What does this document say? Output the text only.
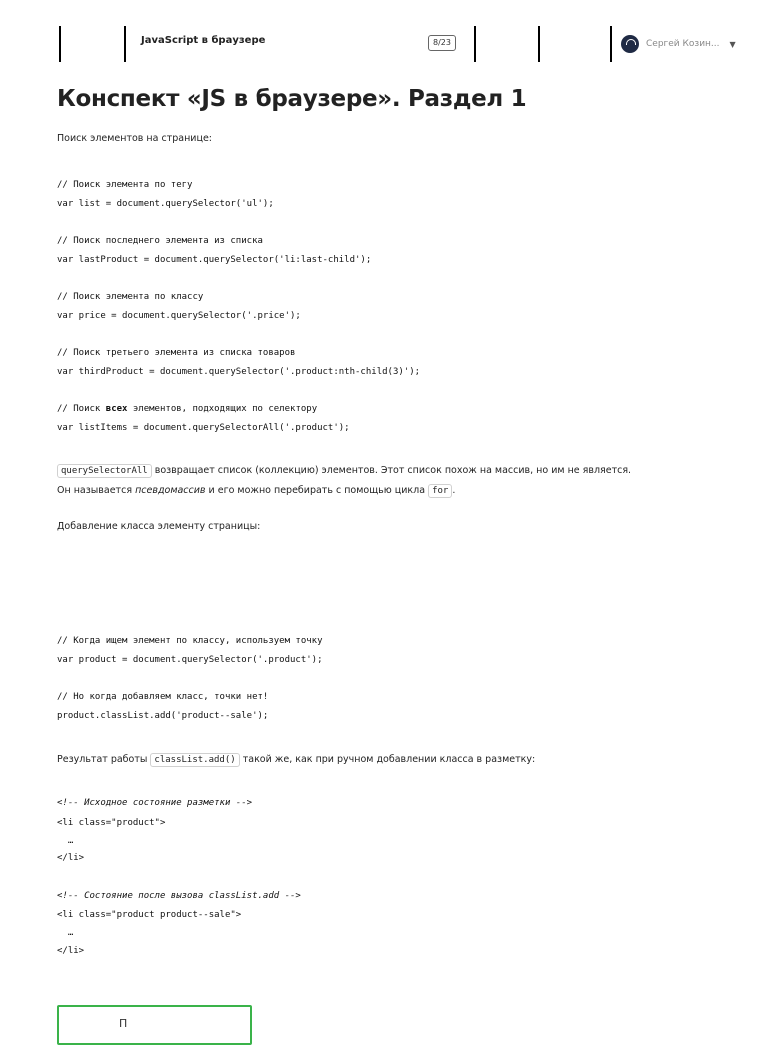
JavaScript в браузере	8/23	Сергей Козин... ▼
Конспект «JS в браузере». Раздел 1
Поиск элементов на странице:
// Поиск элемента по тегу
var list = document.querySelector('ul');
// Поиск последнего элемента из списка
var lastProduct = document.querySelector('li:last-child');
// Поиск элемента по классу
var price = document.querySelector('.price');
// Поиск третьего элемента из списка товаров
var thirdProduct = document.querySelector('.product:nth-child(3)');
// Поиск всех элементов, подходящих по селектору
var listItems = document.querySelectorAll('.product');
querySelectorAll возвращает список (коллекцию) элементов. Этот список похож на массив, но им не является.
Он называется псевдомассив и его можно перебирать с помощью цикла for .
Добавление класса элементу страницы:
// Когда ищем элемент по классу, используем точку
var product = document.querySelector('.product');
// Но когда добавляем класс, точки нет!
product.classList.add('product--sale');
Результат работы classList.add() такой же, как при ручном добавлении класса в разметку:
<!-- Исходное состояние разметки -->
<li class="product">
…
</li>
<!-- Состояние после вызова classList.add -->
<li class="product product--sale">
…
</li>
П
